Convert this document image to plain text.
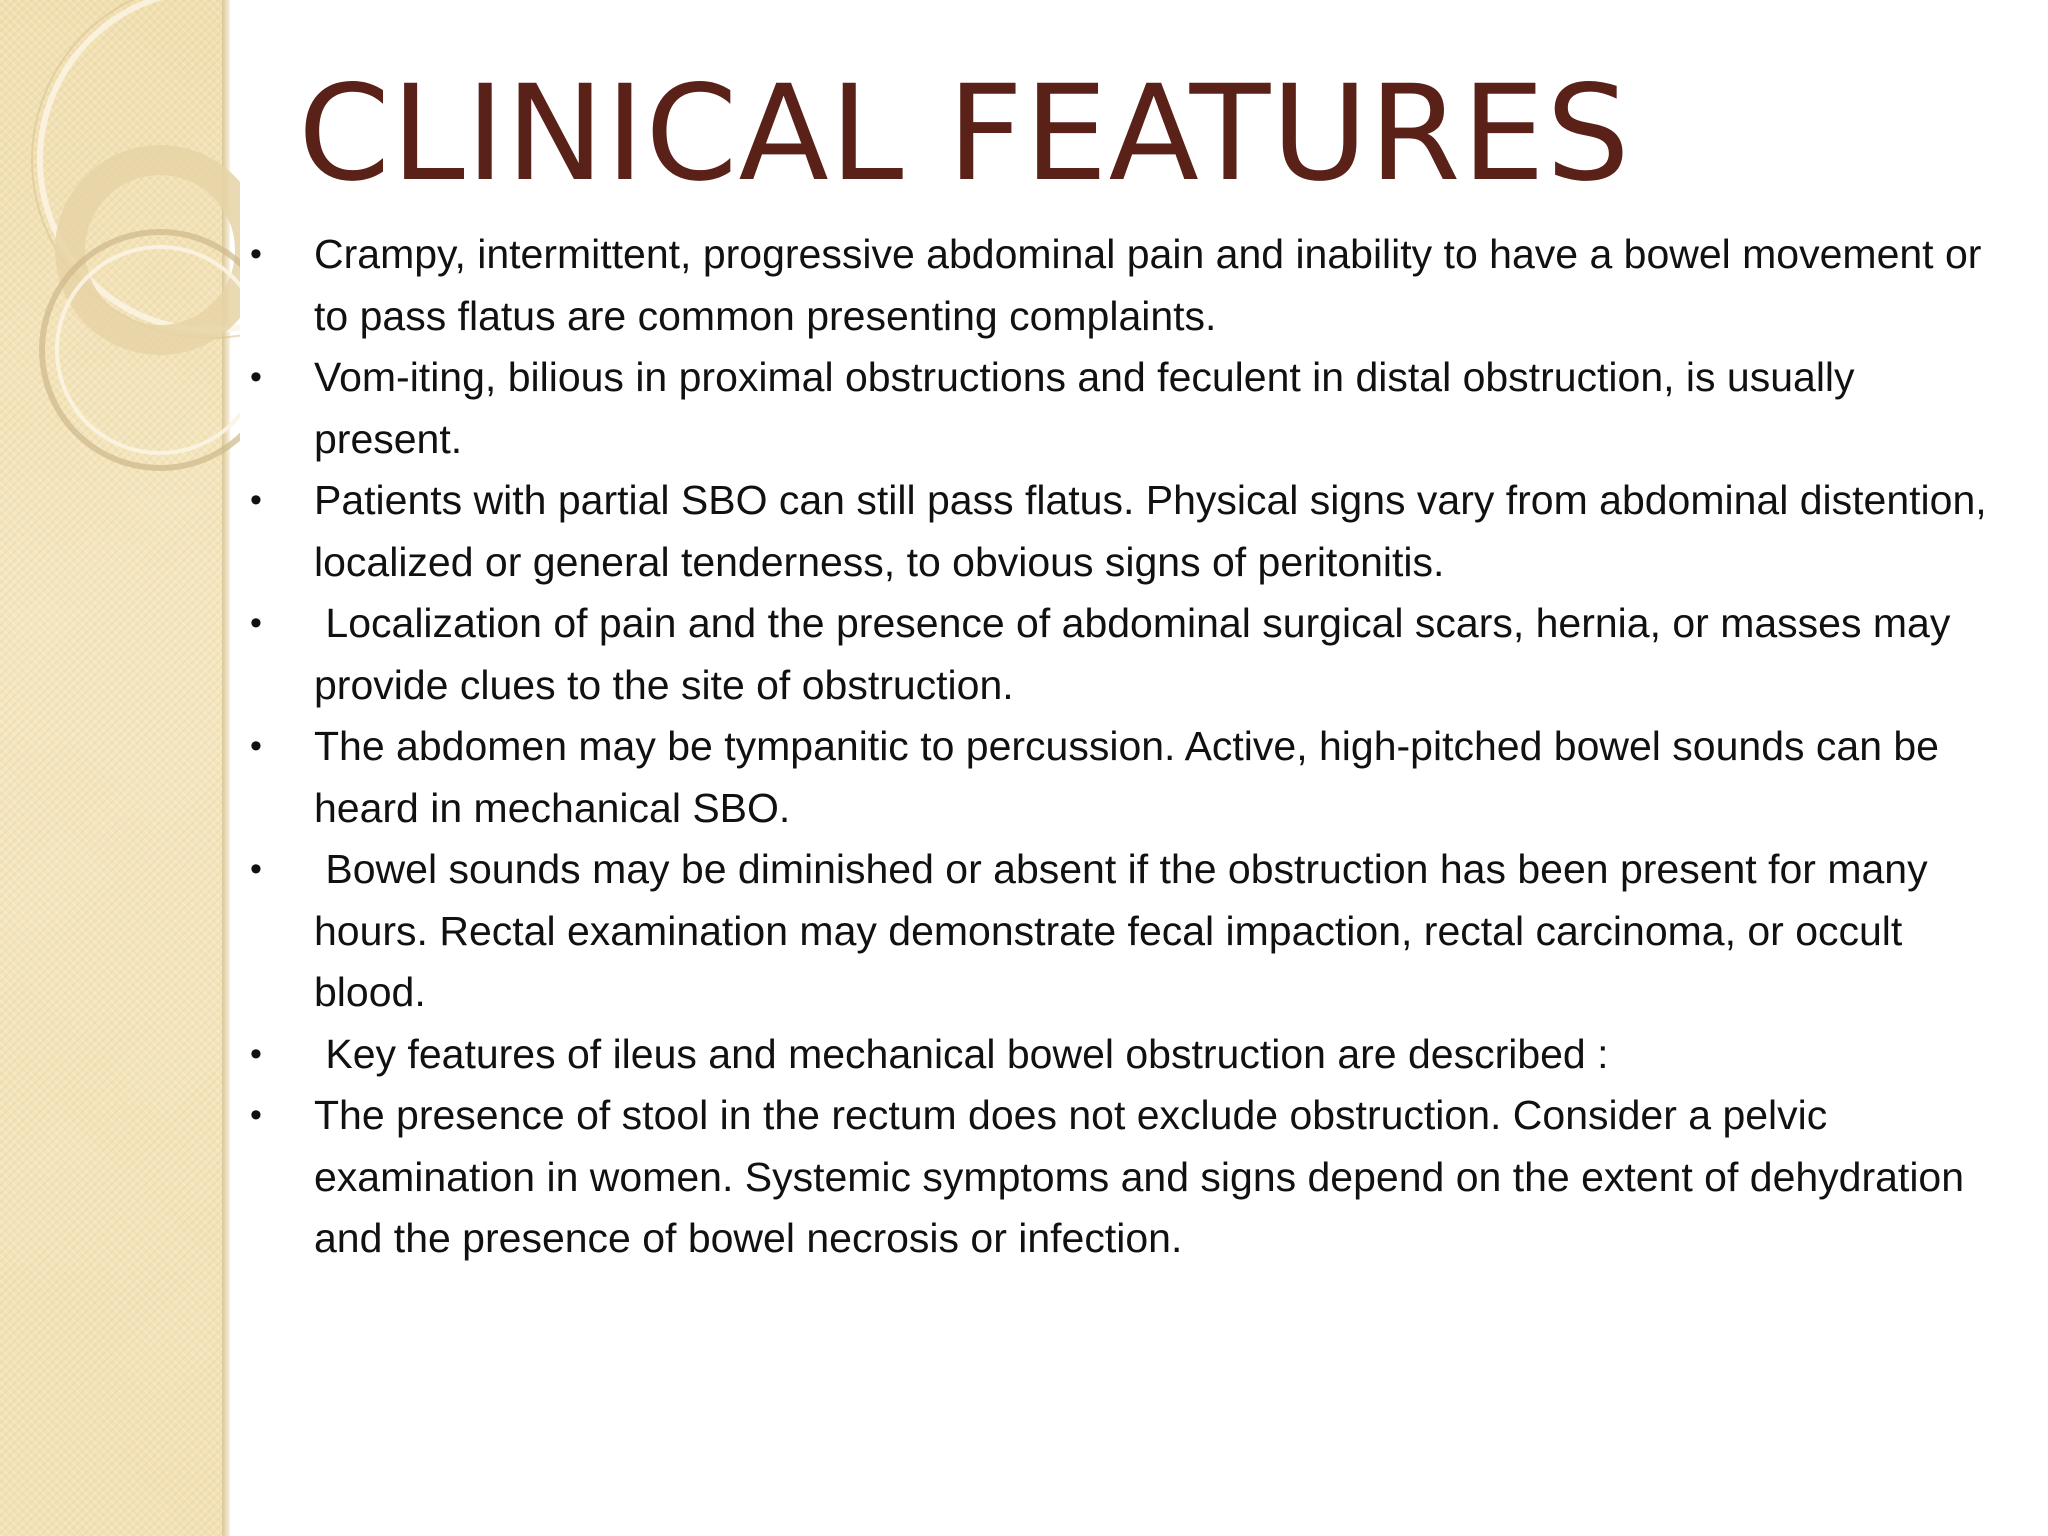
CLINICAL FEATURES
• Crampy, intermittent, progressive abdominal pain and inability to have a bowel movement or to pass flatus are common presenting complaints.
• Vom-iting, bilious in proximal obstructions and feculent in distal obstruction, is usually present.
• Patients with partial SBO can still pass flatus. Physical signs vary from abdominal distention, localized or general tenderness, to obvious signs of peritonitis.
• Localization of pain and the presence of abdominal surgical scars, hernia, or masses may provide clues to the site of obstruction.
• The abdomen may be tympanitic to percussion. Active, high-pitched bowel sounds can be heard in mechanical SBO.
• Bowel sounds may be diminished or absent if the obstruction has been present for many hours. Rectal examination may demonstrate fecal impaction, rectal carcinoma, or occult blood.
• Key features of ileus and mechanical bowel obstruction are described :
• The presence of stool in the rectum does not exclude obstruction. Consider a pelvic examination in women. Systemic symptoms and signs depend on the extent of dehydration and the presence of bowel necrosis or infection.
